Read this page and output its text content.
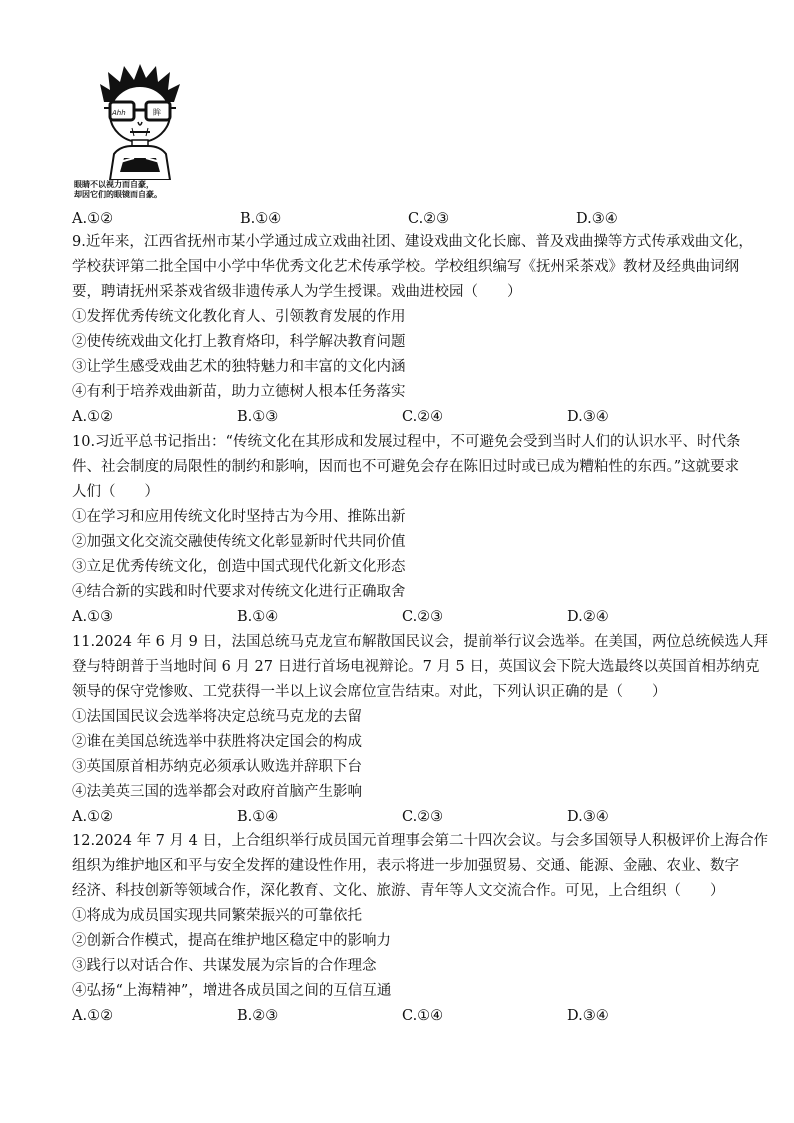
Ahh	眸
眼睛不以视力而自豪，
却因它们的眼镜而自豪。
A.①②	B.①④	C.②③	D.③④
9.近年来，江西省抚州市某小学通过成立戏曲社团、建设戏曲文化长廊、普及戏曲操等方式传承戏曲文化，
学校获评第二批全国中小学中华优秀文化艺术传承学校。学校组织编写《抚州采茶戏》教材及经典曲词纲
要，聘请抚州采茶戏省级非遗传承人为学生授课。戏曲进校园（　　）
①发挥优秀传统文化教化育人、引领教育发展的作用
②使传统戏曲文化打上教育烙印，科学解决教育问题
③让学生感受戏曲艺术的独特魅力和丰富的文化内涵
④有利于培养戏曲新苗，助力立德树人根本任务落实
A.①②	B.①③	C.②④	D.③④
10.习近平总书记指出：“传统文化在其形成和发展过程中，不可避免会受到当时人们的认识水平、时代条
件、社会制度的局限性的制约和影响，因而也不可避免会存在陈旧过时或已成为糟粕性的东西。”这就要求
人们（　　）
①在学习和应用传统文化时坚持古为今用、推陈出新
②加强文化交流交融使传统文化彰显新时代共同价值
③立足优秀传统文化，创造中国式现代化新文化形态
④结合新的实践和时代要求对传统文化进行正确取舍
A.①③	B.①④	C.②③	D.②④
11.2024 年 6 月 9 日，法国总统马克龙宣布解散国民议会，提前举行议会选举。在美国，两位总统候选人拜
登与特朗普于当地时间 6 月 27 日进行首场电视辩论。7 月 5 日，英国议会下院大选最终以英国首相苏纳克
领导的保守党惨败、工党获得一半以上议会席位宣告结束。对此，下列认识正确的是（　　）
①法国国民议会选举将决定总统马克龙的去留
②谁在美国总统选举中获胜将决定国会的构成
③英国原首相苏纳克必须承认败选并辞职下台
④法美英三国的选举都会对政府首脑产生影响
A.①②	B.①④	C.②③	D.③④
12.2024 年 7 月 4 日，上合组织举行成员国元首理事会第二十四次会议。与会多国领导人积极评价上海合作
组织为维护地区和平与安全发挥的建设性作用，表示将进一步加强贸易、交通、能源、金融、农业、数字
经济、科技创新等领域合作，深化教育、文化、旅游、青年等人文交流合作。可见，上合组织（　　）
①将成为成员国实现共同繁荣振兴的可靠依托
②创新合作模式，提高在维护地区稳定中的影响力
③践行以对话合作、共谋发展为宗旨的合作理念
④弘扬“上海精神”，增进各成员国之间的互信互通
A.①②	B.②③	C.①④	D.③④
